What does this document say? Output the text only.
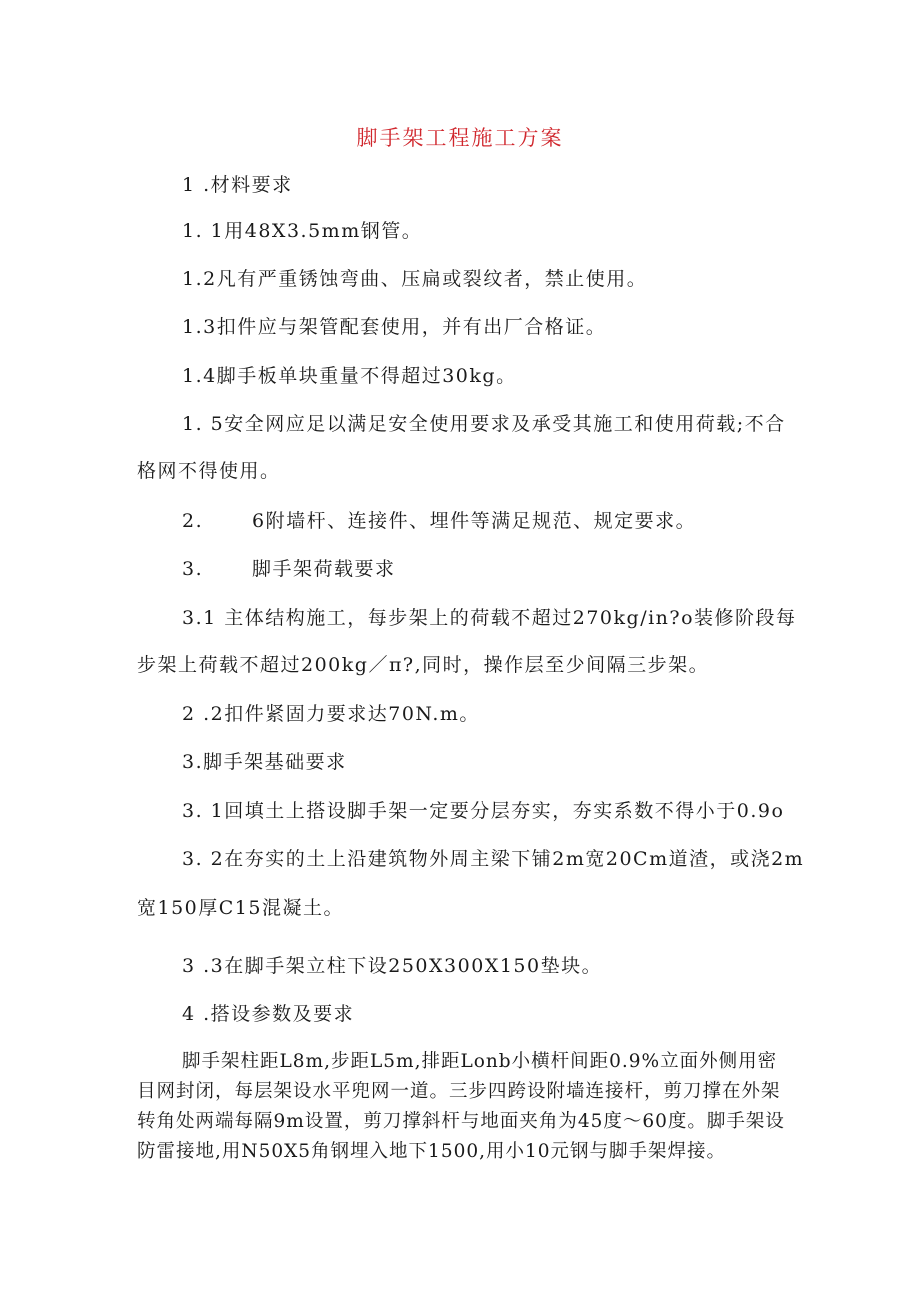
脚手架工程施工方案
1 .材料要求
1. 1用48X3.5mm钢管。
1.2凡有严重锈蚀弯曲、压扁或裂纹者，禁止使用。
1.3扣件应与架管配套使用，并有出厂合格证。
1.4脚手板单块重量不得超过30kg。
1. 5安全网应足以满足安全使用要求及承受其施工和使用荷载;不合
格网不得使用。
2.	6附墙杆、连接件、埋件等满足规范、规定要求。
3.	脚手架荷载要求
3.1 主体结构施工，每步架上的荷载不超过270kg/in?o装修阶段每
步架上荷载不超过200kg／π?,同时，操作层至少间隔三步架。
2 .2扣件紧固力要求达70N.m。
3.脚手架基础要求
3. 1回填土上搭设脚手架一定要分层夯实，夯实系数不得小于0.9o
3. 2在夯实的土上沿建筑物外周主梁下铺2m宽20Cm道渣，或浇2m
宽150厚C15混凝土。
3 .3在脚手架立柱下设250X300X150垫块。
4 .搭设参数及要求
脚手架柱距L8m,步距L5m,排距Lonb小横杆间距0.9%立面外侧用密目网封闭，每层架设水平兜网一道。三步四跨设附墙连接杆，剪刀撑在外架转角处两端每隔9m设置，剪刀撑斜杆与地面夹角为45度～60度。脚手架设防雷接地,用N50X5角钢埋入地下1500,用小10元钢与脚手架焊接。
